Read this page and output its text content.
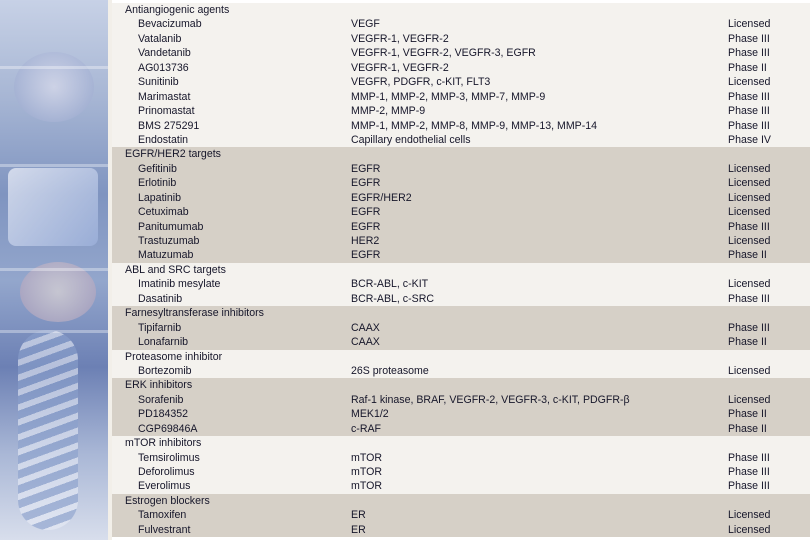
Antiangiogenic agents
Bevacizumab	VEGF	Licensed
Vatalanib	VEGFR-1, VEGFR-2	Phase III
Vandetanib	VEGFR-1, VEGFR-2, VEGFR-3, EGFR	Phase III
AG013736	VEGFR-1, VEGFR-2	Phase II
Sunitinib	VEGFR, PDGFR, c-KIT, FLT3	Licensed
Marimastat	MMP-1, MMP-2, MMP-3, MMP-7, MMP-9	Phase III
Prinomastat	MMP-2, MMP-9	Phase III
BMS 275291	MMP-1, MMP-2, MMP-8, MMP-9, MMP-13, MMP-14	Phase III
Endostatin	Capillary endothelial cells	Phase IV
EGFR/HER2 targets
Gefitinib	EGFR	Licensed
Erlotinib	EGFR	Licensed
Lapatinib	EGFR/HER2	Licensed
Cetuximab	EGFR	Licensed
Panitumumab	EGFR	Phase III
Trastuzumab	HER2	Licensed
Matuzumab	EGFR	Phase II
ABL and SRC targets
Imatinib mesylate	BCR-ABL, c-KIT	Licensed
Dasatinib	BCR-ABL, c-SRC	Phase III
Farnesyltransferase inhibitors
Tipifarnib	CAAX	Phase III
Lonafarnib	CAAX	Phase II
Proteasome inhibitor
Bortezomib	26S proteasome	Licensed
ERK inhibitors
Sorafenib	Raf-1 kinase, BRAF, VEGFR-2, VEGFR-3, c-KIT, PDGFR-β	Licensed
PD184352	MEK1/2	Phase II
CGP69846A	c-RAF	Phase II
mTOR inhibitors
Temsirolimus	mTOR	Phase III
Deforolimus	mTOR	Phase III
Everolimus	mTOR	Phase III
Estrogen blockers
Tamoxifen	ER	Licensed
Fulvestrant	ER	Licensed
